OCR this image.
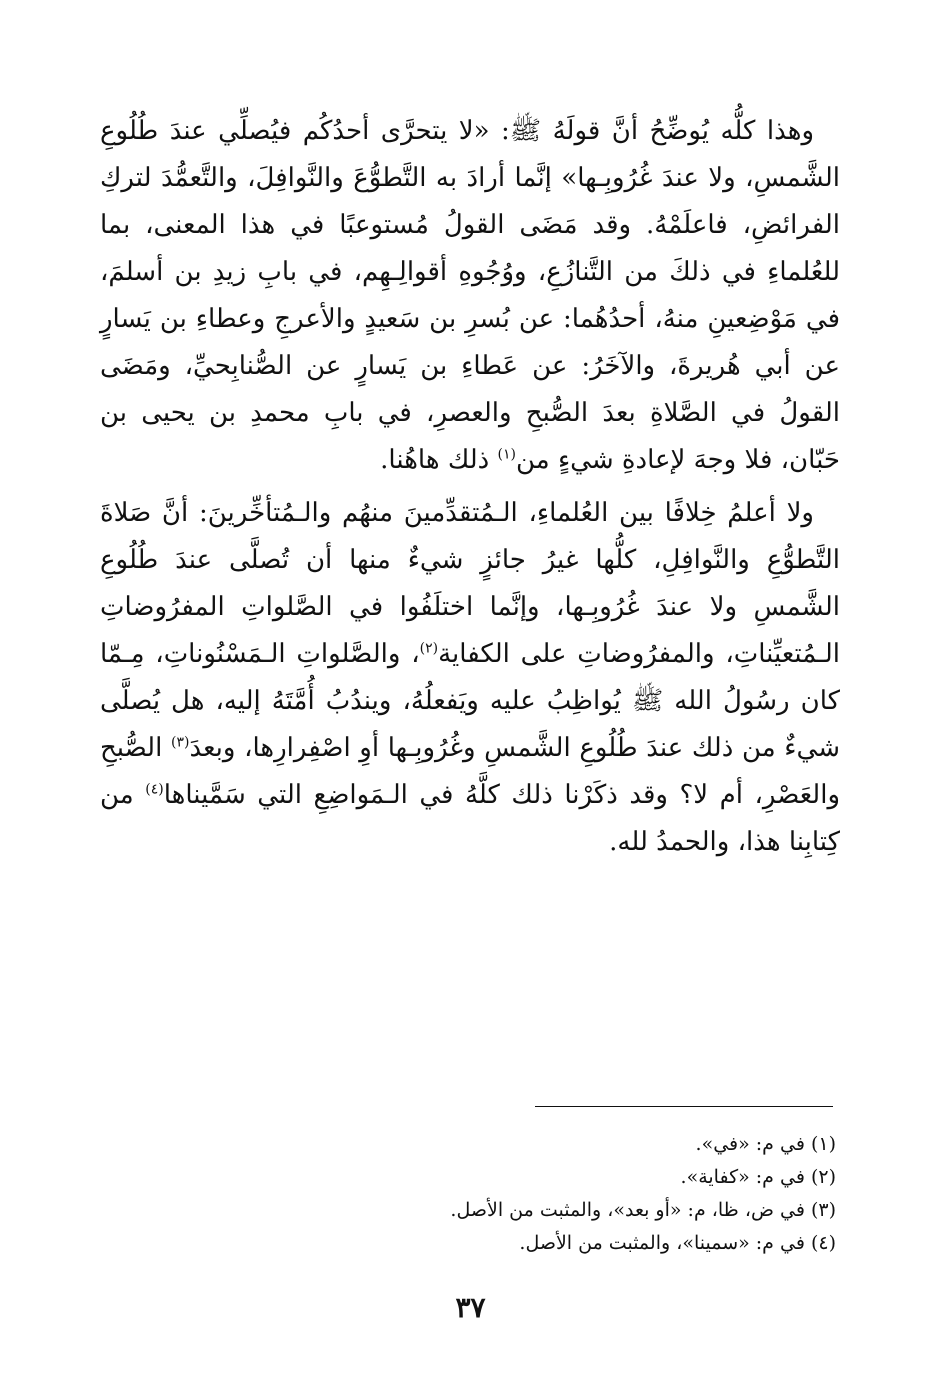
وهذا كلُّه يُوضِّحُ أنَّ قولَهُ ﷺ: «لا يتحرَّى أحدُكُم فيُصلِّي عندَ طُلُوعِ الشَّمسِ، ولا عندَ غُرُوبِـها» إنَّما أرادَ به التَّطوُّعَ والنَّوافِلَ، والتَّعمُّدَ لتركِ الفرائضِ، فاعلَمْهُ. وقد مَضَى القولُ مُستوعبًا في هذا المعنى، بما للعُلماءِ في ذلكَ من التَّنازُعِ، ووُجُوهِ أقوالِـهِم، في بابِ زيدِ بن أسلمَ، في مَوْضِعينِ منهُ، أحدُهُما: عن بُسرِ بن سَعيدٍ والأعرجِ وعطاءِ بن يَسارٍ عن أبي هُريرةَ، والآخَرُ: عن عَطاءِ بن يَسارٍ عن الصُّنابِحيِّ، ومَضَى القولُ في الصَّلاةِ بعدَ الصُّبحِ والعصرِ، في بابِ محمدِ بن يحيى بن حَبّان، فلا وجهَ لإعادةِ شيءٍ من$^{(١)}$ ذلك هاهُنا.

ولا أعلمُ خِلافًا بين العُلماءِ، الـمُتقدِّمينَ منهُم والـمُتأخِّرينَ: أنَّ صَلاةَ التَّطوُّعِ والنَّوافِلِ، كلُّها غيرُ جائزٍ شيءٌ منها أن تُصلَّى عندَ طُلُوعِ الشَّمسِ ولا عندَ غُرُوبِـها، وإنَّما اختلَفُوا في الصَّلواتِ المفرُوضاتِ الـمُتعيِّناتِ، والمفرُوضاتِ على الكفاية$^{(٢)}$، والصَّلواتِ الـمَسْنُوناتِ، مِـمّا كان رسُولُ الله ﷺ يُواظِبُ عليه ويَفعلُهُ، ويندُبُ أُمَّتَهُ إليه، هل يُصلَّى شيءٌ من ذلك عندَ طُلُوعِ الشَّمسِ وغُرُوبِـها أوِ اصْفِرارِها، وبعدَ$^{(٣)}$ الصُّبحِ والعَصْرِ، أم لا؟ وقد ذكَرْنا ذلك كلَّهُ في الـمَواضِعِ التي سَمَّيناها$^{(٤)}$ من كِتابِنا هذا، والحمدُ لله.

(١) في م: «في».
(٢) في م: «كفاية».
(٣) في ض، ظا، م: «أو بعد»، والمثبت من الأصل.
(٤) في م: «سمينا»، والمثبت من الأصل.
٣٧
